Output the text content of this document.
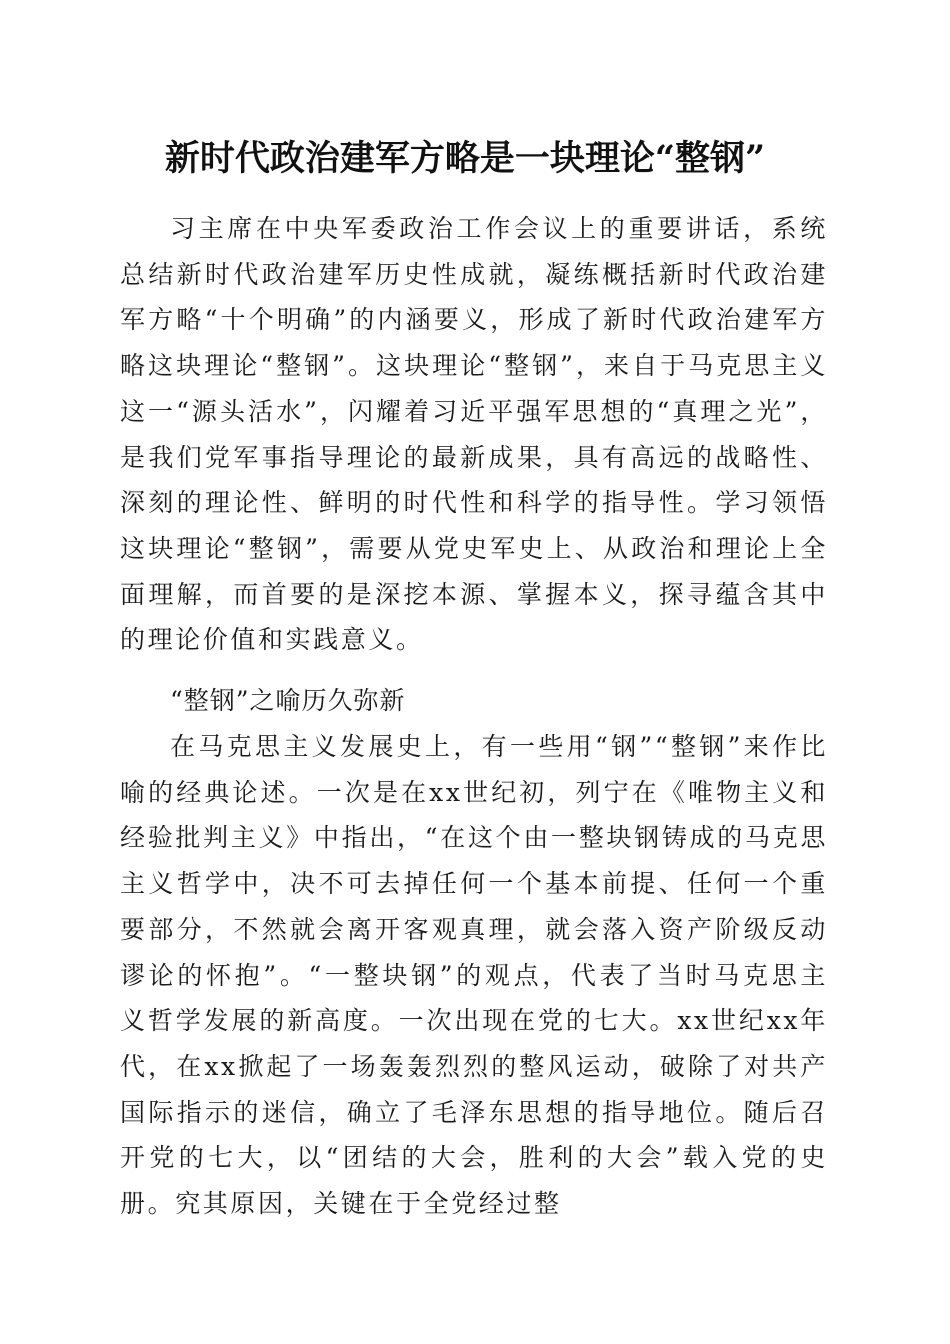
新时代政治建军方略是一块理论“整钢”

习主席在中央军委政治工作会议上的重要讲话，系统总结新时代政治建军历史性成就，凝练概括新时代政治建军方略“十个明确”的内涵要义，形成了新时代政治建军方略这块理论“整钢”。这块理论“整钢”，来自于马克思主义这一“源头活水”，闪耀着习近平强军思想的“真理之光”，是我们党军事指导理论的最新成果，具有高远的战略性、深刻的理论性、鲜明的时代性和科学的指导性。学习领悟这块理论“整钢”，需要从党史军史上、从政治和理论上全面理解，而首要的是深挖本源、掌握本义，探寻蕴含其中的理论价值和实践意义。

“整钢”之喻历久弥新

在马克思主义发展史上，有一些用“钢”“整钢”来作比喻的经典论述。一次是在xx世纪初，列宁在《唯物主义和经验批判主义》中指出，“在这个由一整块钢铸成的马克思主义哲学中，决不可去掉任何一个基本前提、任何一个重要部分，不然就会离开客观真理，就会落入资产阶级反动谬论的怀抱”。“一整块钢”的观点，代表了当时马克思主义哲学发展的新高度。一次出现在党的七大。xx世纪xx年代，在xx掀起了一场轰轰烈烈的整风运动，破除了对共产国际指示的迷信，确立了毛泽东思想的指导地位。随后召开党的七大，以“团结的大会，胜利的大会”载入党的史册。究其原因，关键在于全党经过整
